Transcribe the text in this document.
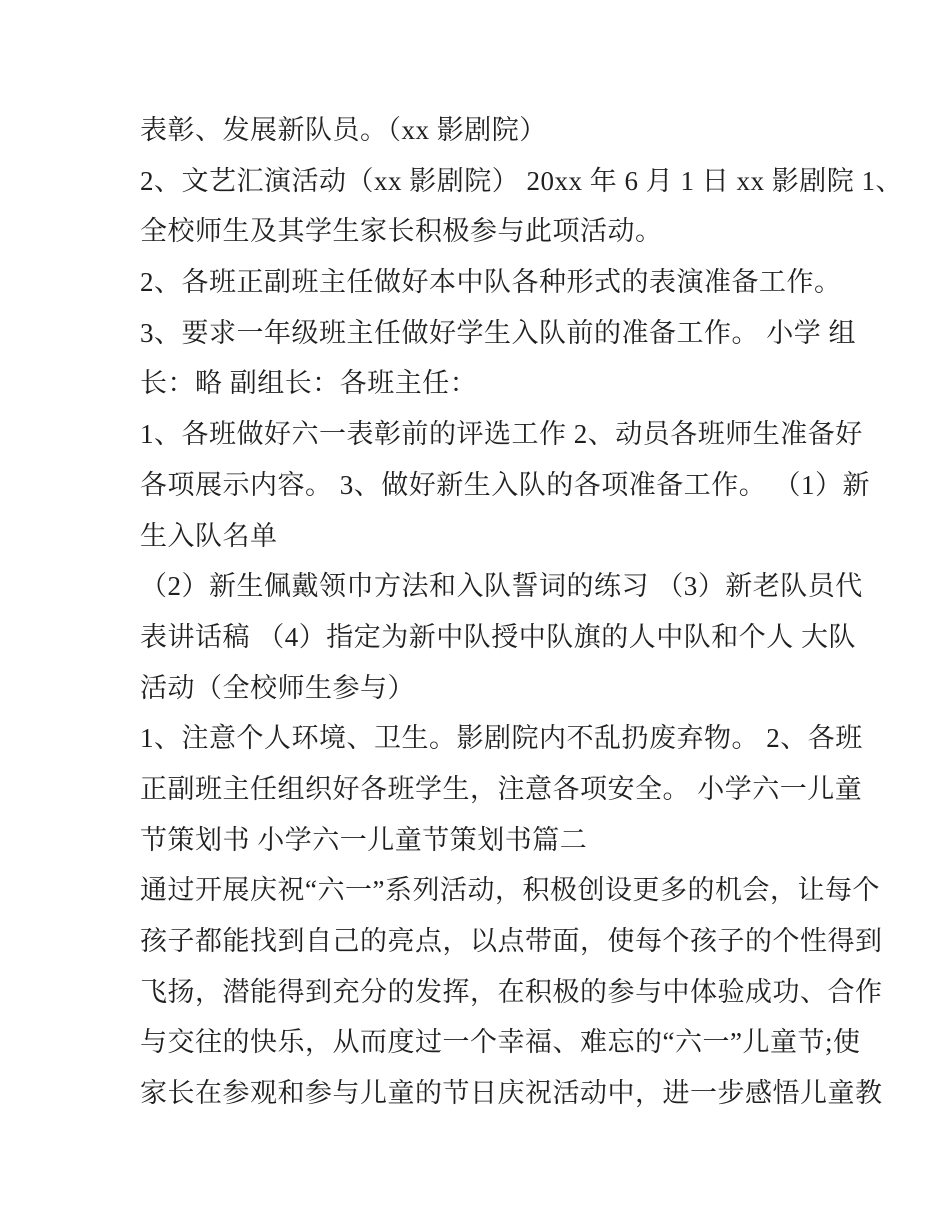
表彰、发展新队员。（xx 影剧院）
2、文艺汇演活动（xx 影剧院） 20xx 年 6 月 1 日 xx 影剧院 1、
全校师生及其学生家长积极参与此项活动。
2、各班正副班主任做好本中队各种形式的表演准备工作。
3、要求一年级班主任做好学生入队前的准备工作。 小学 组
长：略 副组长：各班主任：
1、各班做好六一表彰前的评选工作 2、动员各班师生准备好
各项展示内容。 3、做好新生入队的各项准备工作。 （1）新
生入队名单
（2）新生佩戴领巾方法和入队誓词的练习 （3）新老队员代
表讲话稿 （4）指定为新中队授中队旗的人中队和个人 大队
活动（全校师生参与）
1、注意个人环境、卫生。影剧院内不乱扔废弃物。 2、各班
正副班主任组织好各班学生，注意各项安全。 小学六一儿童
节策划书 小学六一儿童节策划书篇二
通过开展庆祝“六一”系列活动，积极创设更多的机会，让每个
孩子都能找到自己的亮点，以点带面，使每个孩子的个性得到
飞扬，潜能得到充分的发挥，在积极的参与中体验成功、合作
与交往的快乐，从而度过一个幸福、难忘的“六一”儿童节;使
家长在参观和参与儿童的节日庆祝活动中，进一步感悟儿童教
